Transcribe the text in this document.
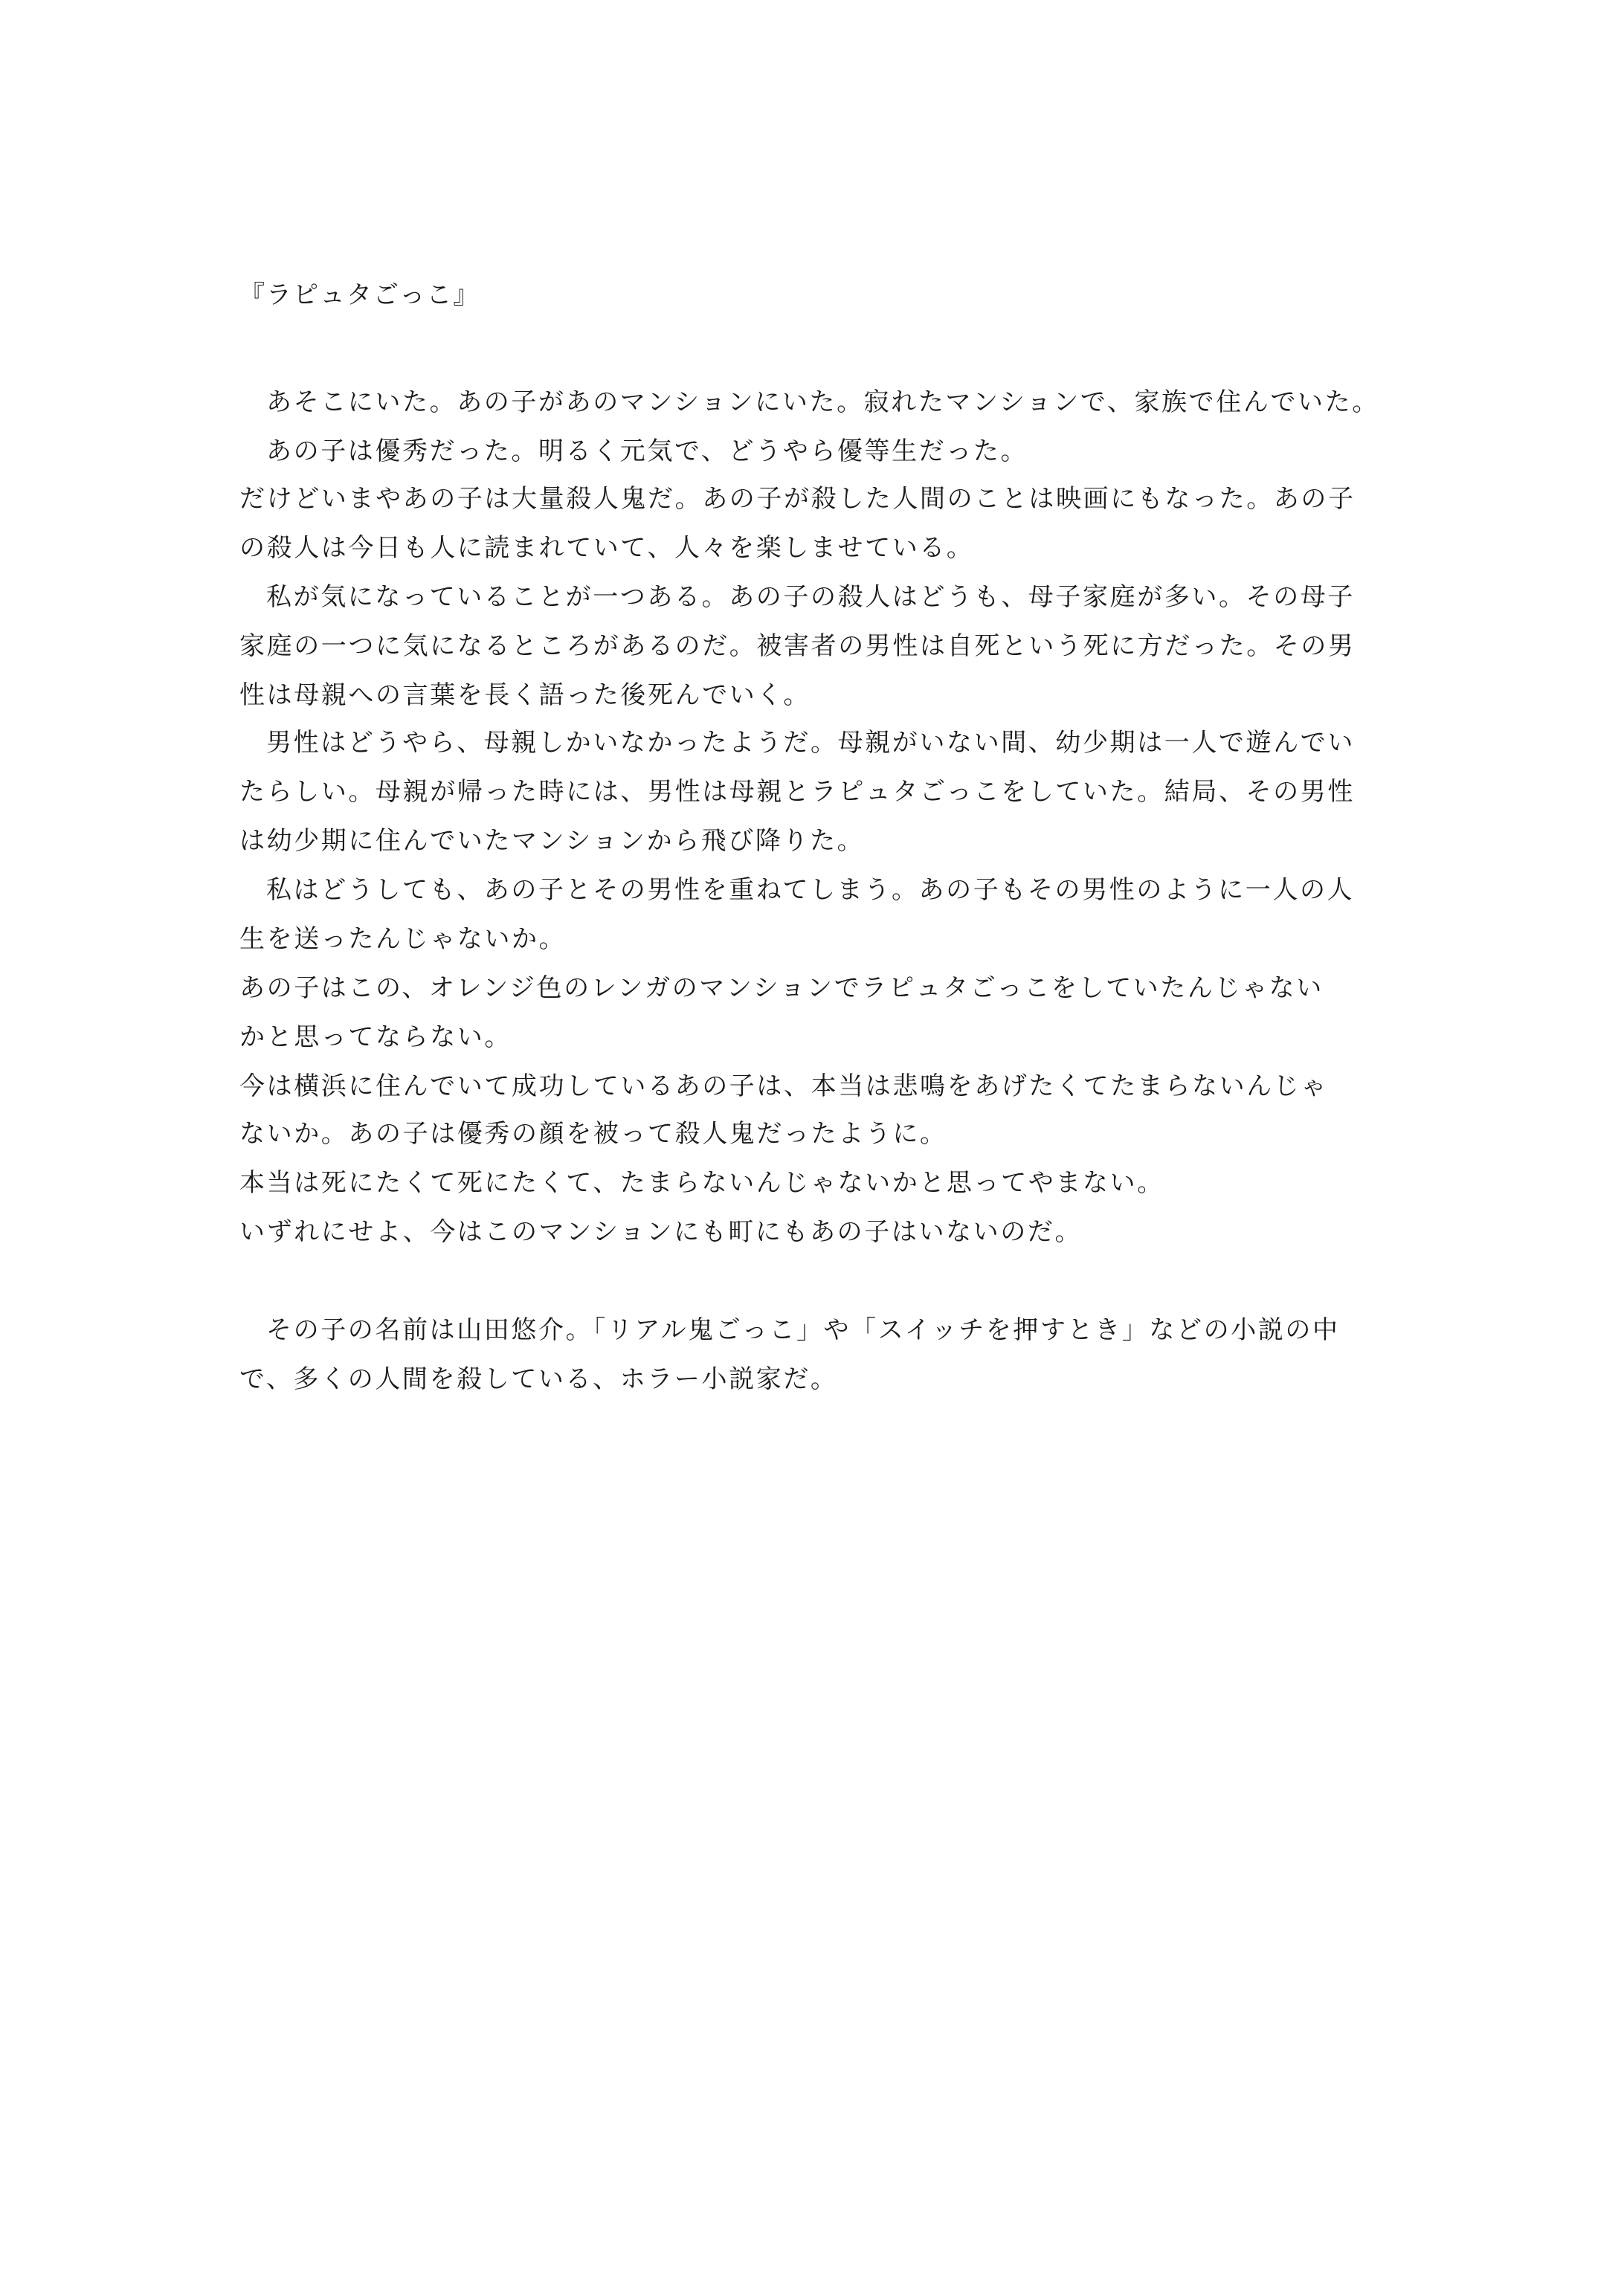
『ラピュタごっこ』
あそこにいた。あの子があのマンションにいた。寂れたマンションで、家族で住んでいた。
あの子は優秀だった。明るく元気で、どうやら優等生だった。
だけどいまやあの子は大量殺人鬼だ。あの子が殺した人間のことは映画にもなった。あの子
の殺人は今日も人に読まれていて、人々を楽しませている。
私が気になっていることが一つある。あの子の殺人はどうも、母子家庭が多い。その母子
家庭の一つに気になるところがあるのだ。被害者の男性は自死という死に方だった。その男
性は母親への言葉を長く語った後死んでいく。
男性はどうやら、母親しかいなかったようだ。母親がいない間、幼少期は一人で遊んでい
たらしい。母親が帰った時には、男性は母親とラピュタごっこをしていた。結局、その男性
は幼少期に住んでいたマンションから飛び降りた。
私はどうしても、あの子とその男性を重ねてしまう。あの子もその男性のように一人の人
生を送ったんじゃないか。
あの子はこの、オレンジ色のレンガのマンションでラピュタごっこをしていたんじゃない
かと思ってならない。
今は横浜に住んでいて成功しているあの子は、本当は悲鳴をあげたくてたまらないんじゃ
ないか。あの子は優秀の顔を被って殺人鬼だったように。
本当は死にたくて死にたくて、たまらないんじゃないかと思ってやまない。
いずれにせよ、今はこのマンションにも町にもあの子はいないのだ。
その子の名前は山田悠介。「リアル鬼ごっこ」や「スイッチを押すとき」などの小説の中
で、多くの人間を殺している、ホラー小説家だ。
